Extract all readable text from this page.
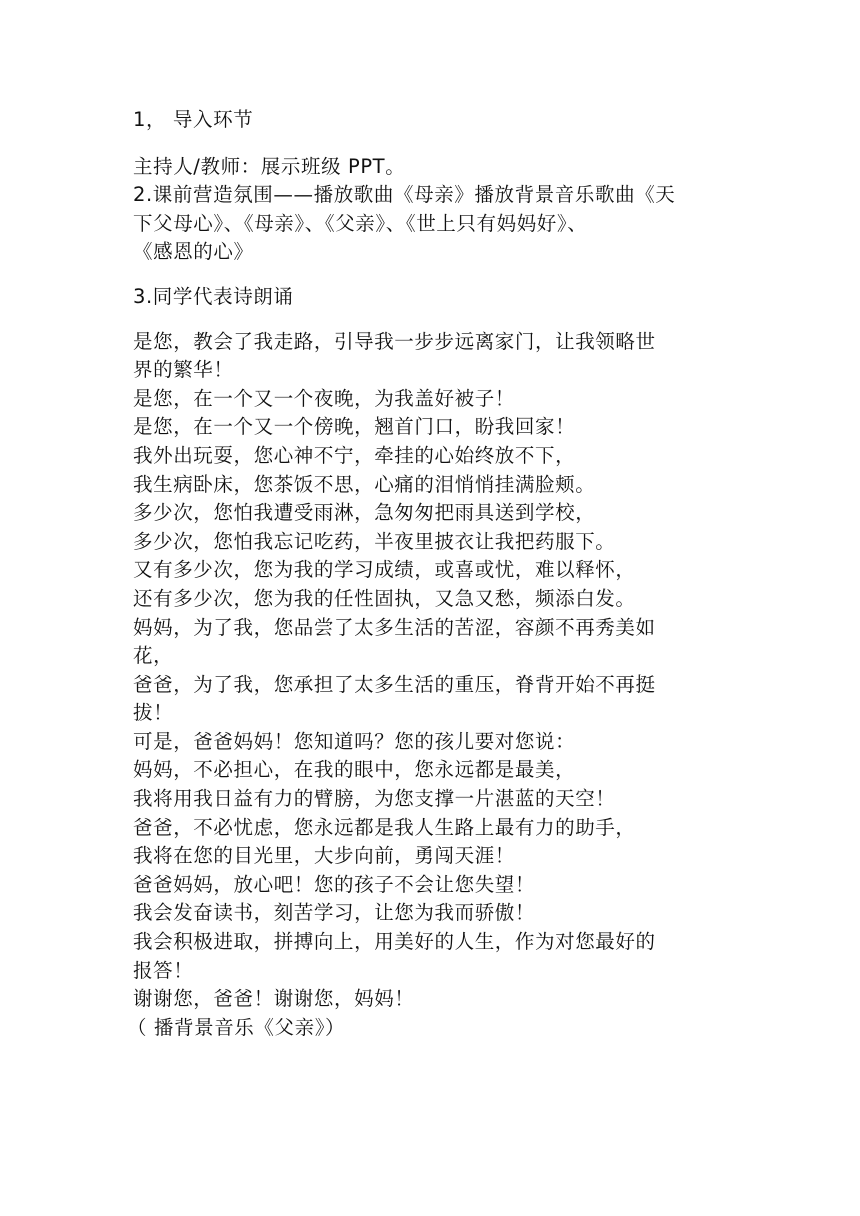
1， 导入环节

主持人/教师：展示班级 PPT。
2.课前营造氛围——播放歌曲《母亲》播放背景音乐歌曲《天
下父母心》、《母亲》、《父亲》、《世上只有妈妈好》、
《感恩的心》

3.同学代表诗朗诵

是您，教会了我走路，引导我一步步远离家门，让我领略世
界的繁华！
是您，在一个又一个夜晚，为我盖好被子！
是您，在一个又一个傍晚，翘首门口，盼我回家！
我外出玩耍，您心神不宁，牵挂的心始终放不下，
我生病卧床，您茶饭不思，心痛的泪悄悄挂满脸颊。
多少次，您怕我遭受雨淋，急匆匆把雨具送到学校，
多少次，您怕我忘记吃药，半夜里披衣让我把药服下。
又有多少次，您为我的学习成绩，或喜或忧，难以释怀，
还有多少次，您为我的任性固执，又急又愁，频添白发。
妈妈，为了我，您品尝了太多生活的苦涩，容颜不再秀美如
花，
爸爸，为了我，您承担了太多生活的重压，脊背开始不再挺
拔！
可是，爸爸妈妈！您知道吗？您的孩儿要对您说：
妈妈，不必担心，在我的眼中，您永远都是最美，
我将用我日益有力的臂膀，为您支撑一片湛蓝的天空！
爸爸，不必忧虑，您永远都是我人生路上最有力的助手，
我将在您的目光里，大步向前，勇闯天涯！
爸爸妈妈，放心吧！您的孩子不会让您失望！
我会发奋读书，刻苦学习，让您为我而骄傲！
我会积极进取，拼搏向上，用美好的人生，作为对您最好的
报答！
谢谢您，爸爸！谢谢您，妈妈！
（ 播背景音乐《父亲》）
